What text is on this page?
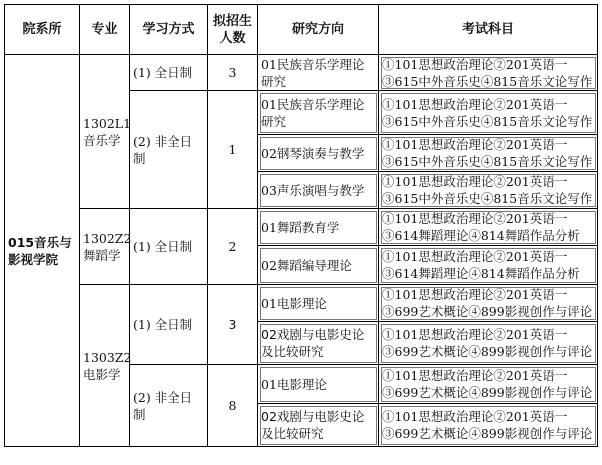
院系所	专业	学习方式	拟招生人数	研究方向	考试科目
015音乐与影视学院	1302L1音乐学	(1) 全日制	3	01民族音乐学理论研究	①101思想政治理论②201英语一③615中外音乐史④815音乐文论写作
		(2) 非全日制	1	01民族音乐学理论研究	①101思想政治理论②201英语一③615中外音乐史④815音乐文论写作
				02钢琴演奏与教学	①101思想政治理论②201英语一③615中外音乐史④815音乐文论写作
				03声乐演唱与教学	①101思想政治理论②201英语一③615中外音乐史④815音乐文论写作
	1302Z2舞蹈学	(1) 全日制	2	01舞蹈教育学	①101思想政治理论②201英语一③614舞蹈理论④814舞蹈作品分析
				02舞蹈编导理论	①101思想政治理论②201英语一③614舞蹈理论④814舞蹈作品分析
	1303Z2电影学	(1) 全日制	3	01电影理论	①101思想政治理论②201英语一③699艺术概论④899影视创作与评论
				02戏剧与电影史论及比较研究	①101思想政治理论②201英语一③699艺术概论④899影视创作与评论
		(2) 非全日制	8	01电影理论	①101思想政治理论②201英语一③699艺术概论④899影视创作与评论
				02戏剧与电影史论及比较研究	①101思想政治理论②201英语一③699艺术概论④899影视创作与评论
